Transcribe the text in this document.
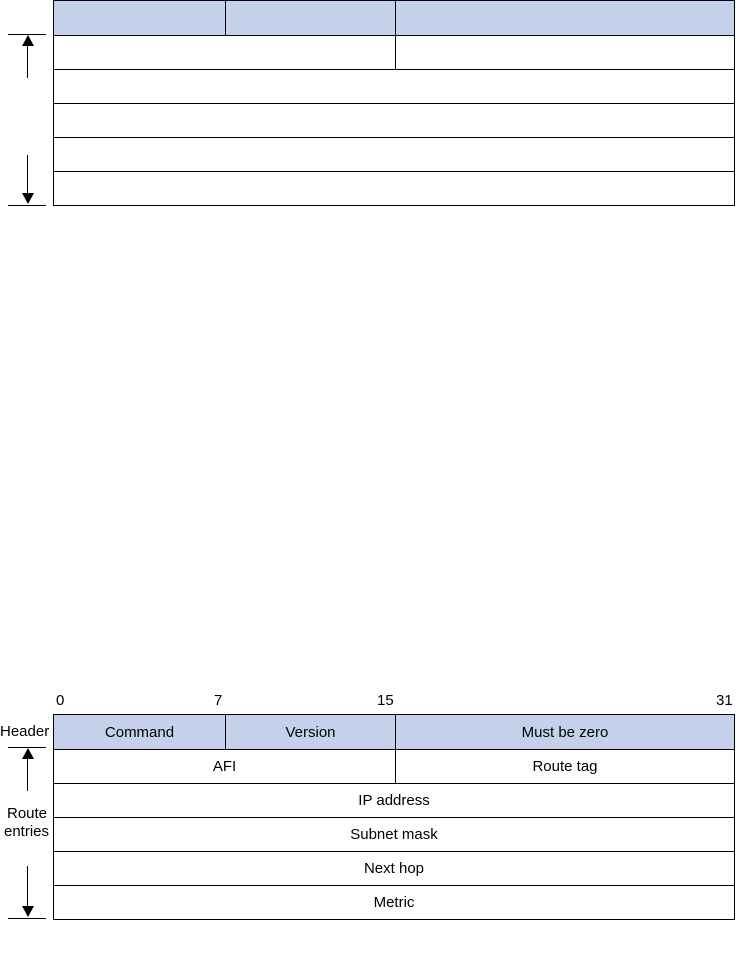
0	7	15	31
Header
Route
entries
Command	Version	Must be zero
AFI	Route tag
IP address
Subnet mask
Next hop
Metric
